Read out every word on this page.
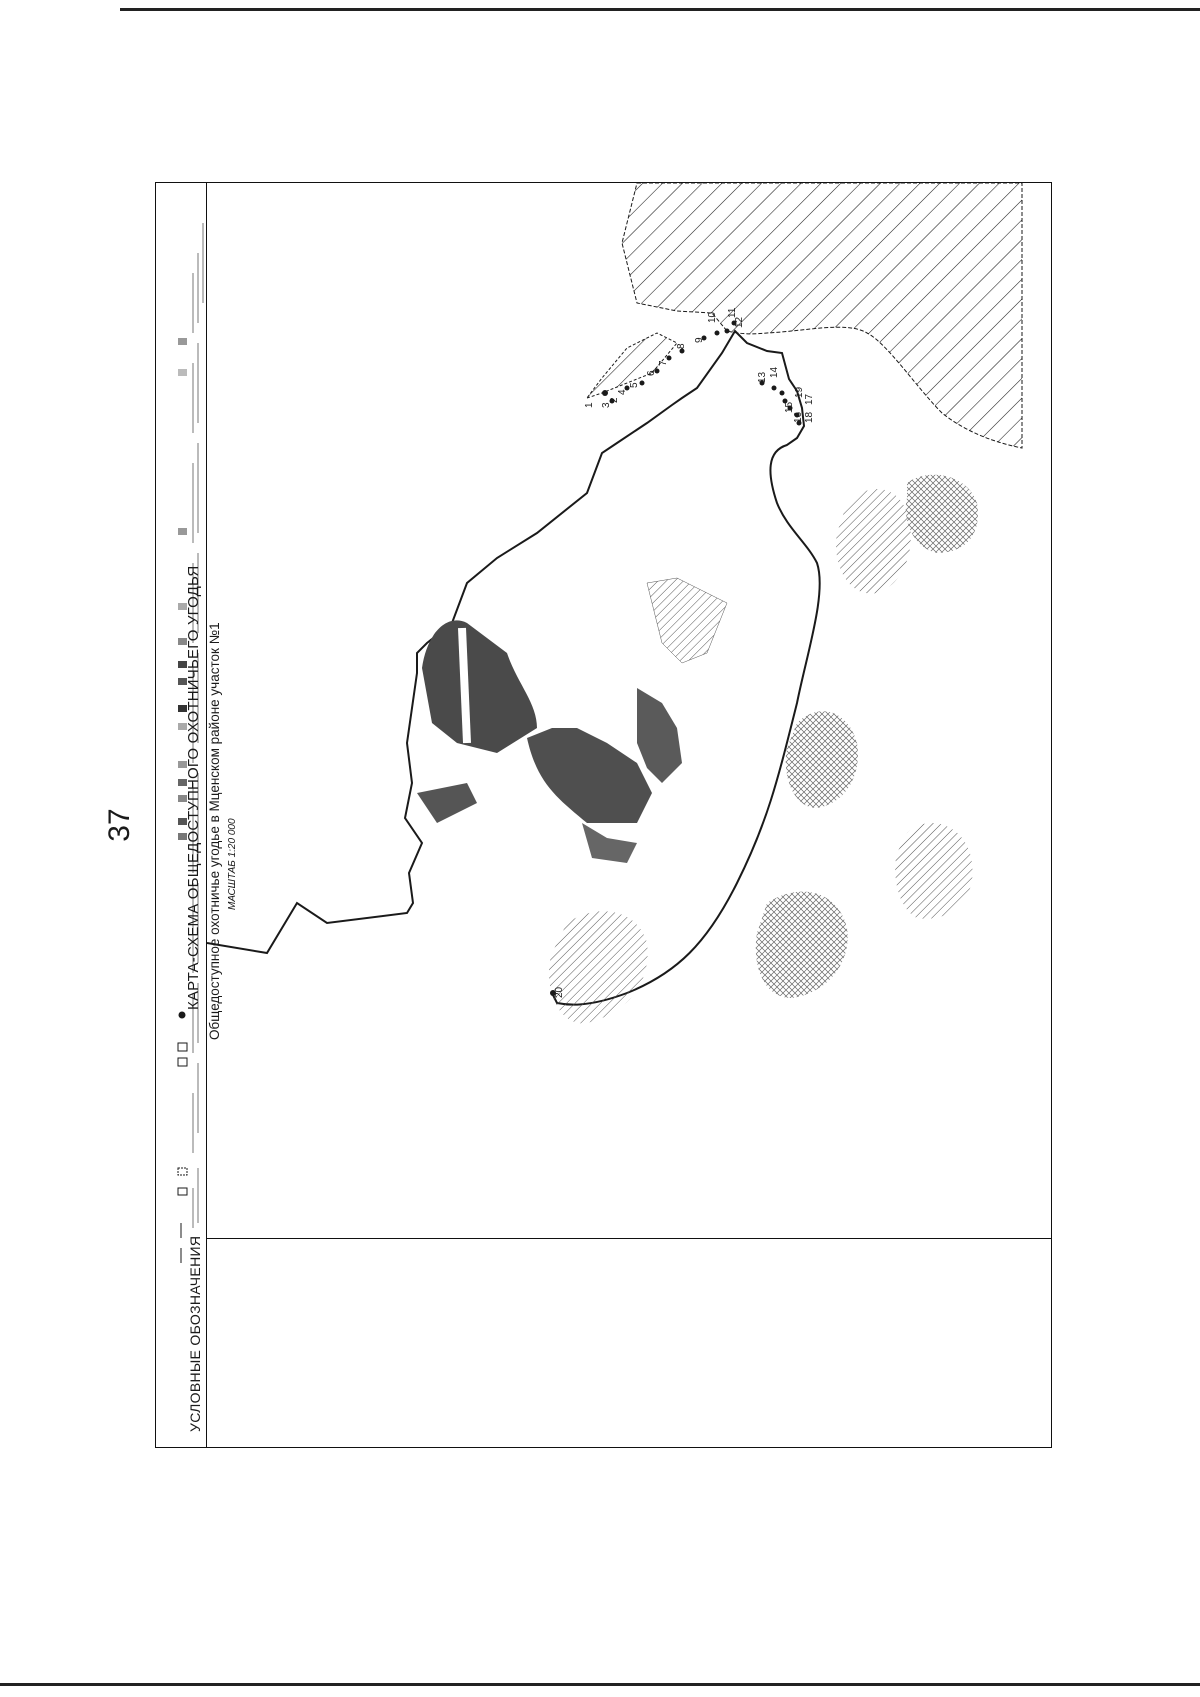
37
3
4
5
6
7
8
9
10 11
12
13 14
15
16
17
18
2
1
19
20
КАРТА-СХЕМА ОБЩЕДОСТУПНОГО ОХОТНИЧЬЕГО УГОДЬЯ Общедоступное охотничье угодье в Мценском районе участок №1 МАСШТАБ 1:20 000
УСЛОВНЫЕ ОБОЗНАЧЕНИЯ
